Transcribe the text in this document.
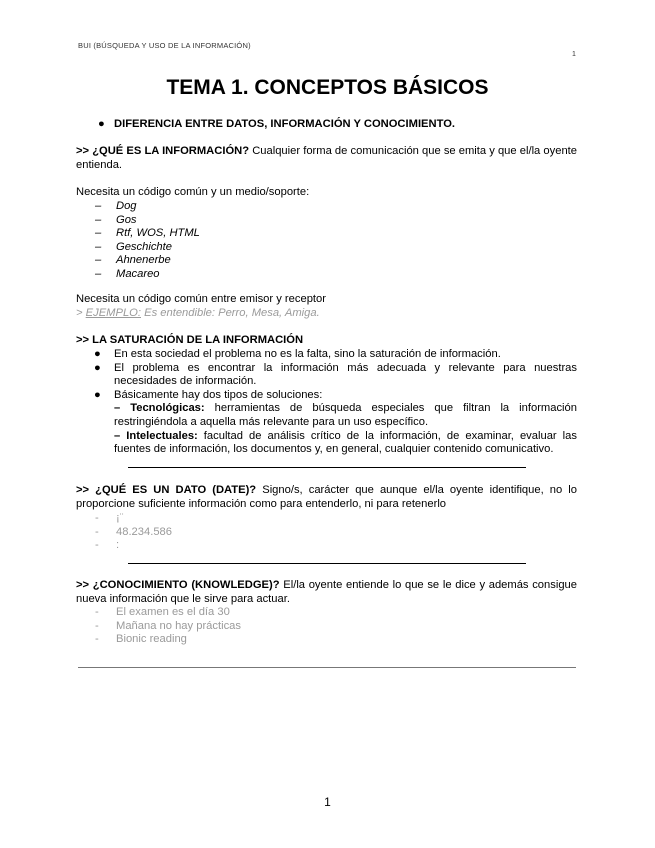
BUI (BÚSQUEDA Y USO DE LA INFORMACIÓN)
1
TEMA 1. CONCEPTOS BÁSICOS
● DIFERENCIA ENTRE DATOS, INFORMACIÓN Y CONOCIMIENTO.
>> ¿QUÉ ES LA INFORMACIÓN? Cualquier forma de comunicación que se emita y que el/la oyente entienda.
Necesita un código común y un medio/soporte:
–	Dog
–	Gos
–	Rtf, WOS, HTML
–	Geschichte
–	Ahnenerbe
–	Macareo
Necesita un código común entre emisor y receptor
> EJEMPLO: Es entendible: Perro, Mesa, Amiga.
>> LA SATURACIÓN DE LA INFORMACIÓN
●	En esta sociedad el problema no es la falta, sino la saturación de información.
●	El problema es encontrar la información más adecuada y relevante para nuestras necesidades de información.
●	Básicamente hay dos tipos de soluciones:
– Tecnológicas: herramientas de búsqueda especiales que filtran la información restringiéndola a aquella más relevante para un uso específico.
– Intelectuales: facultad de análisis crítico de la información, de examinar, evaluar las fuentes de información, los documentos y, en general, cualquier contenido comunicativo.
>> ¿QUÉ ES UN DATO (DATE)? Signo/s, carácter que aunque el/la oyente identifique, no lo proporcione suficiente información como para entenderlo, ni para retenerlo
-	¡¨
-	48.234.586
-	:
>> ¿CONOCIMIENTO (KNOWLEDGE)? El/la oyente entiende lo que se le dice y además consigue nueva información que le sirve para actuar.
-	El examen es el día 30
-	Mañana no hay prácticas
-	Bionic reading
1
